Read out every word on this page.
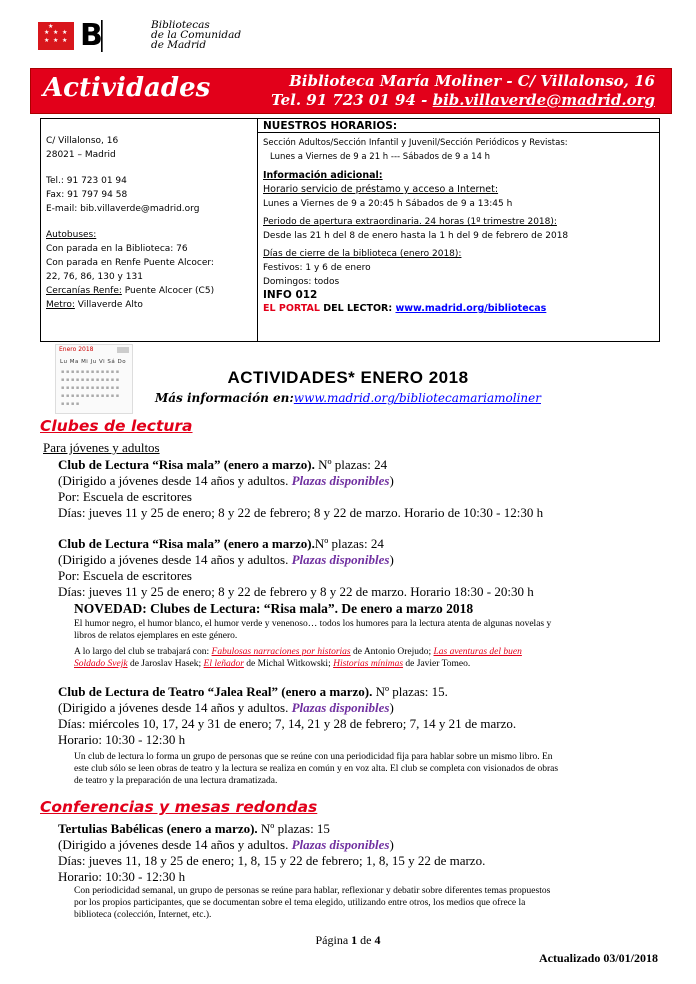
★ ★ ★
★ ★ ★
★ B██ Bibliotecas
de la Comunidad
de Madrid
Actividades	Biblioteca María Moliner - C/ Villalonso, 16
Tel. 91 723 01 94 - bib.villaverde@madrid.org
C/ Villalonso, 16
28021 – Madrid
Tel.: 91 723 01 94
Fax: 91 797 94 58
E-mail: bib.villaverde@madrid.org
Autobuses:
Con parada en la Biblioteca: 76
Con parada en Renfe Puente Alcocer:
22, 76, 86, 130 y 131
Cercanías Renfe: Puente Alcocer (C5)
Metro: Villaverde Alto
NUESTROS HORARIOS:
Sección Adultos/Sección Infantil y Juvenil/Sección Periódicos y Revistas:
Lunes a Viernes de 9 a 21 h --- Sábados de 9 a 14 h
Información adicional:
Horario servicio de préstamo y acceso a Internet:
Lunes a Viernes de 9 a 20:45 h Sábados de 9 a 13:45 h
Periodo de apertura extraordinaria. 24 horas (1º trimestre 2018):
Desde las 21 h del 8 de enero hasta la 1 h del 9 de febrero de 2018
Días de cierre de la biblioteca (enero 2018):
Festivos: 1 y 6 de enero
Domingos: todos
INFO 012
EL PORTAL DEL LECTOR: www.madrid.org/bibliotecas
Enero 2018
Lu Ma Mi Ju Vi Sá Do
▪ ▪ ▪ ▪ ▪ ▪ ▪ ▪ ▪ ▪ ▪ ▪
▪ ▪ ▪ ▪ ▪ ▪ ▪ ▪ ▪ ▪ ▪ ▪
▪ ▪ ▪ ▪ ▪ ▪ ▪ ▪ ▪ ▪ ▪ ▪
▪ ▪ ▪ ▪ ▪ ▪ ▪ ▪ ▪ ▪ ▪ ▪
▪ ▪ ▪ ▪
ACTIVIDADES* ENERO 2018
Más información en:www.madrid.org/bibliotecamariamoliner
Clubes de lectura
Para jóvenes y adultos
Club de Lectura “Risa mala” (enero a marzo). Nº plazas: 24
(Dirigido a jóvenes desde 14 años y adultos. Plazas disponibles)
Por: Escuela de escritores
Días: jueves 11 y 25 de enero; 8 y 22 de febrero; 8 y 22 de marzo. Horario de 10:30 - 12:30 h
Club de Lectura “Risa mala” (enero a marzo).Nº plazas: 24
(Dirigido a jóvenes desde 14 años y adultos. Plazas disponibles)
Por: Escuela de escritores
Días: jueves 11 y 25 de enero; 8 y 22 de febrero y 8 y 22 de marzo. Horario 18:30 - 20:30 h
NOVEDAD: Clubes de Lectura: “Risa mala”. De enero a marzo 2018
El humor negro, el humor blanco, el humor verde y venenoso… todos los humores para la lectura atenta de algunas novelas y
libros de relatos ejemplares en este género.
A lo largo del club se trabajará con: Fabulosas narraciones por historias de Antonio Orejudo; Las aventuras del buen
Soldado Svejk de Jaroslav Hasek; El leñador de Michal Witkowski; Historias mínimas de Javier Tomeo.
Club de Lectura de Teatro “Jalea Real” (enero a marzo). Nº plazas: 15.
(Dirigido a jóvenes desde 14 años y adultos. Plazas disponibles)
Días: miércoles 10, 17, 24 y 31 de enero; 7, 14, 21 y 28 de febrero; 7, 14 y 21 de marzo.
Horario: 10:30 - 12:30 h
Un club de lectura lo forma un grupo de personas que se reúne con una periodicidad fija para hablar sobre un mismo libro. En
este club sólo se leen obras de teatro y la lectura se realiza en común y en voz alta. El club se completa con visionados de obras
de teatro y la preparación de una lectura dramatizada.
Conferencias y mesas redondas
Tertulias Babélicas (enero a marzo). Nº plazas: 15
(Dirigido a jóvenes desde 14 años y adultos. Plazas disponibles)
Días: jueves 11, 18 y 25 de enero; 1, 8, 15 y 22 de febrero; 1, 8, 15 y 22 de marzo.
Horario: 10:30 - 12:30 h
Con periodicidad semanal, un grupo de personas se reúne para hablar, reflexionar y debatir sobre diferentes temas propuestos
por los propios participantes, que se documentan sobre el tema elegido, utilizando entre otros, los medios que ofrece la
biblioteca (colección, Internet, etc.).
Página 1 de 4
Actualizado 03/01/2018
